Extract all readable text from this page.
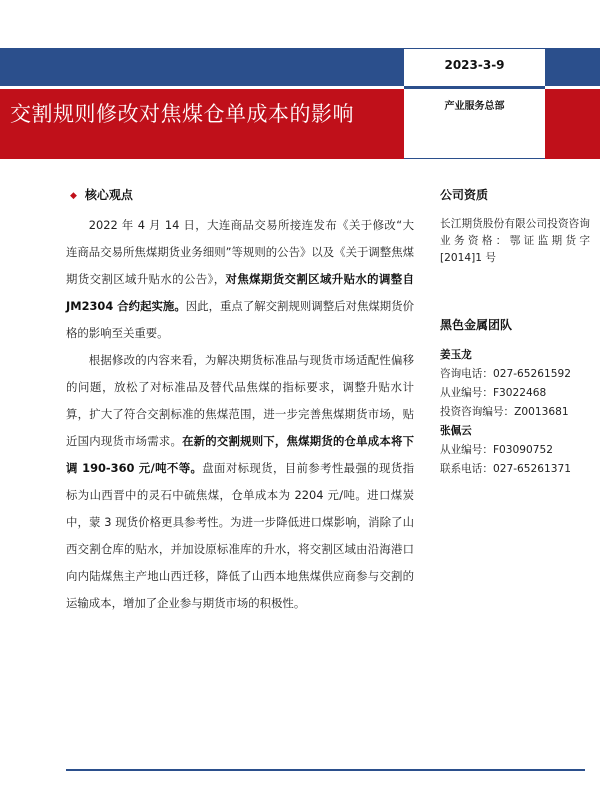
2023-3-9
产业服务总部
交割规则修改对焦煤仓单成本的影响
◆ 核心观点

2022 年 4 月 14 日，大连商品交易所接连发布《关于修改“大连商品交易所焦煤期货业务细则”等规则的公告》以及《关于调整焦煤期货交割区域升贴水的公告》，对焦煤期货交割区域升贴水的调整自 JM2304 合约起实施。因此，重点了解交割规则调整后对焦煤期货价格的影响至关重要。

根据修改的内容来看，为解决期货标准品与现货市场适配性偏移的问题，放松了对标准品及替代品焦煤的指标要求，调整升贴水计算，扩大了符合交割标准的焦煤范围，进一步完善焦煤期货市场，贴近国内现货市场需求。在新的交割规则下，焦煤期货的仓单成本将下调 190-360 元/吨不等。盘面对标现货，目前参考性最强的现货指标为山西晋中的灵石中硫焦煤，仓单成本为 2204 元/吨。进口煤炭中，蒙 3 现货价格更具参考性。为进一步降低进口煤影响，消除了山西交割仓库的贴水，并加设原标准库的升水，将交割区域由沿海港口向内陆煤焦主产地山西迁移，降低了山西本地焦煤供应商参与交割的运输成本，增加了企业参与期货市场的积极性。

公司资质
长江期货股份有限公司投资咨询业务资格：鄂证监期货字[2014]1 号
黑色金属团队
姜玉龙
咨询电话：027-65261592
从业编号：F3022468
投资咨询编号：Z0013681
张佩云
从业编号：F03090752
联系电话：027-65261371
